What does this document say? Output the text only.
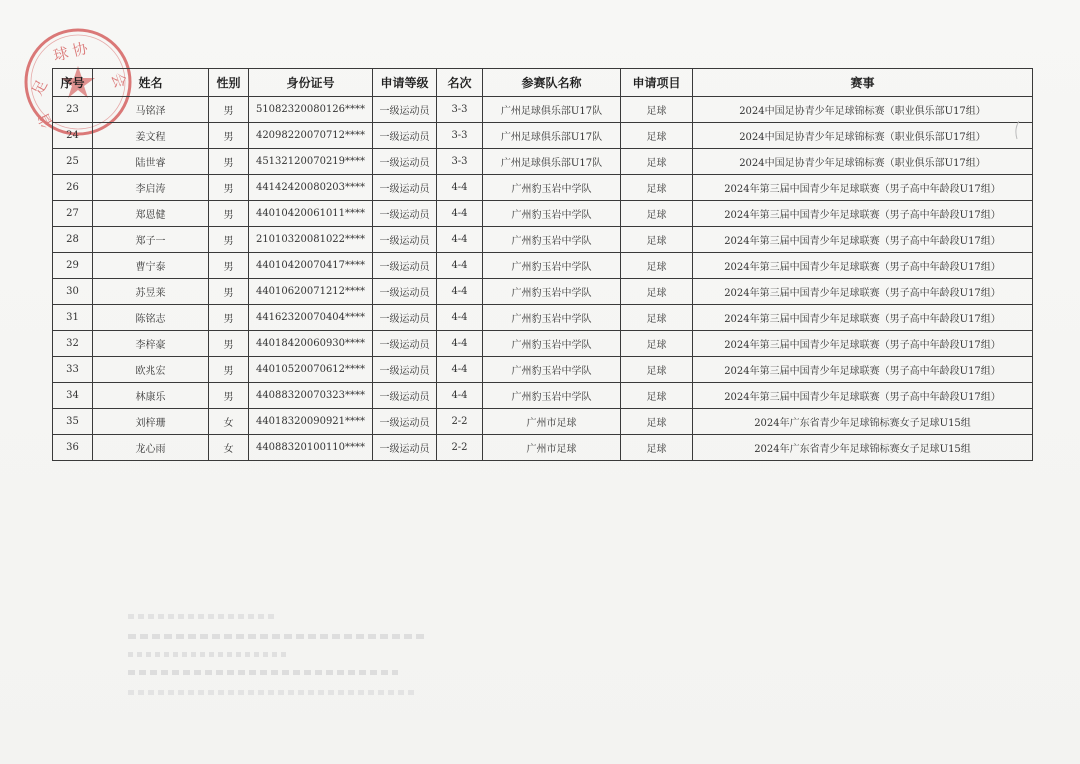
球 协
足
省
会
序号	姓名	性别	身份证号	申请等级	名次	参赛队名称	申请项目	赛事
23	马铭泽	男	51082320080126****	一级运动员	3-3	广州足球俱乐部U17队	足球	2024中国足协青少年足球锦标赛（职业俱乐部U17组）
24	姜文程	男	42098220070712****	一级运动员	3-3	广州足球俱乐部U17队	足球	2024中国足协青少年足球锦标赛（职业俱乐部U17组）
25	陆世睿	男	45132120070219****	一级运动员	3-3	广州足球俱乐部U17队	足球	2024中国足协青少年足球锦标赛（职业俱乐部U17组）
26	李启涛	男	44142420080203****	一级运动员	4-4	广州豹玉岩中学队	足球	2024年第三届中国青少年足球联赛（男子高中年龄段U17组）
27	郑恩健	男	44010420061011****	一级运动员	4-4	广州豹玉岩中学队	足球	2024年第三届中国青少年足球联赛（男子高中年龄段U17组）
28	郑子一	男	21010320081022****	一级运动员	4-4	广州豹玉岩中学队	足球	2024年第三届中国青少年足球联赛（男子高中年龄段U17组）
29	曹宁泰	男	44010420070417****	一级运动员	4-4	广州豹玉岩中学队	足球	2024年第三届中国青少年足球联赛（男子高中年龄段U17组）
30	苏昱莱	男	44010620071212****	一级运动员	4-4	广州豹玉岩中学队	足球	2024年第三届中国青少年足球联赛（男子高中年龄段U17组）
31	陈铭志	男	44162320070404****	一级运动员	4-4	广州豹玉岩中学队	足球	2024年第三届中国青少年足球联赛（男子高中年龄段U17组）
32	李梓豪	男	44018420060930****	一级运动员	4-4	广州豹玉岩中学队	足球	2024年第三届中国青少年足球联赛（男子高中年龄段U17组）
33	欧兆宏	男	44010520070612****	一级运动员	4-4	广州豹玉岩中学队	足球	2024年第三届中国青少年足球联赛（男子高中年龄段U17组）
34	林康乐	男	44088320070323****	一级运动员	4-4	广州豹玉岩中学队	足球	2024年第三届中国青少年足球联赛（男子高中年龄段U17组）
35	刘梓珊	女	44018320090921****	一级运动员	2-2	广州市足球	足球	2024年广东省青少年足球锦标赛女子足球U15组
36	龙心雨	女	44088320100110****	一级运动员	2-2	广州市足球	足球	2024年广东省青少年足球锦标赛女子足球U15组
